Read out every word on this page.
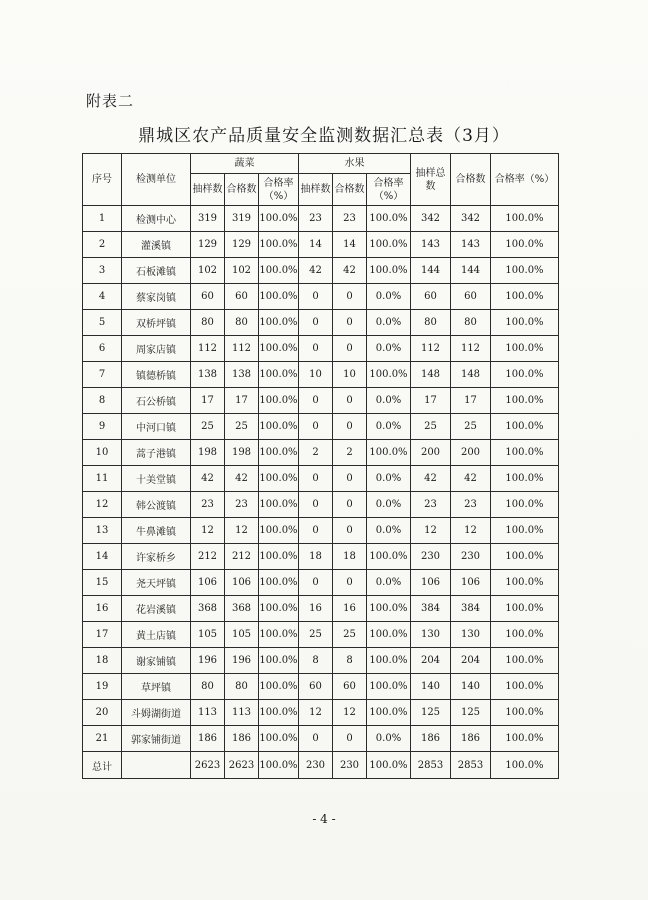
附表二
鼎城区农产品质量安全监测数据汇总表（3月）
序号	检测单位	蔬菜			水果			抽样总数	合格数	合格率（%）
		抽样数	合格数	合格率（%）	抽样数	合格数	合格率（%）			
1	检测中心	319	319	100.0%	23	23	100.0%	342	342	100.0%
2	灌溪镇	129	129	100.0%	14	14	100.0%	143	143	100.0%
3	石板滩镇	102	102	100.0%	42	42	100.0%	144	144	100.0%
4	蔡家岗镇	60	60	100.0%	0	0	0.0%	60	60	100.0%
5	双桥坪镇	80	80	100.0%	0	0	0.0%	80	80	100.0%
6	周家店镇	112	112	100.0%	0	0	0.0%	112	112	100.0%
7	镇德桥镇	138	138	100.0%	10	10	100.0%	148	148	100.0%
8	石公桥镇	17	17	100.0%	0	0	0.0%	17	17	100.0%
9	中河口镇	25	25	100.0%	0	0	0.0%	25	25	100.0%
10	蒿子港镇	198	198	100.0%	2	2	100.0%	200	200	100.0%
11	十美堂镇	42	42	100.0%	0	0	0.0%	42	42	100.0%
12	韩公渡镇	23	23	100.0%	0	0	0.0%	23	23	100.0%
13	牛鼻滩镇	12	12	100.0%	0	0	0.0%	12	12	100.0%
14	许家桥乡	212	212	100.0%	18	18	100.0%	230	230	100.0%
15	尧天坪镇	106	106	100.0%	0	0	0.0%	106	106	100.0%
16	花岩溪镇	368	368	100.0%	16	16	100.0%	384	384	100.0%
17	黄土店镇	105	105	100.0%	25	25	100.0%	130	130	100.0%
18	谢家铺镇	196	196	100.0%	8	8	100.0%	204	204	100.0%
19	草坪镇	80	80	100.0%	60	60	100.0%	140	140	100.0%
20	斗姆湖街道	113	113	100.0%	12	12	100.0%	125	125	100.0%
21	郭家铺街道	186	186	100.0%	0	0	0.0%	186	186	100.0%
总计		2623	2623	100.0%	230	230	100.0%	2853	2853	100.0%
- 4 -
